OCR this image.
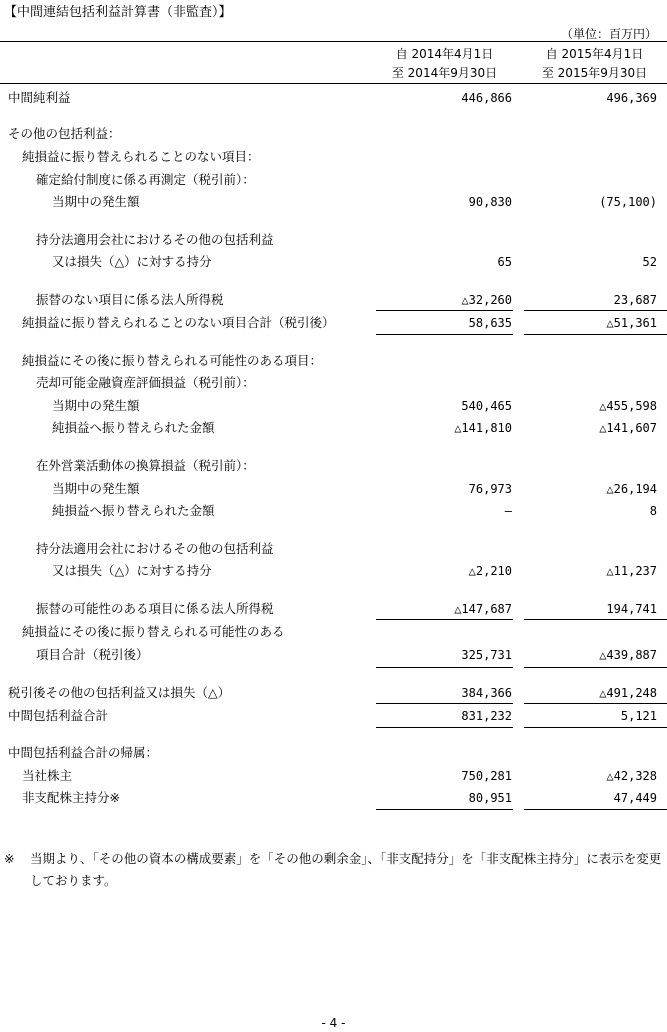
【中間連結包括利益計算書（非監査）】
（単位：百万円）
自 2014年4月1日
至 2014年9月30日
自 2015年4月1日
至 2015年9月30日
中間純利益	446,866	496,369
その他の包括利益：
純損益に振り替えられることのない項目：
確定給付制度に係る再測定（税引前）：
当期中の発生額	90,830	(75,100)
持分法適用会社におけるその他の包括利益
又は損失（△）に対する持分	65	52
振替のない項目に係る法人所得税	△32,260	23,687
純損益に振り替えられることのない項目合計（税引後）	58,635	△51,361
純損益にその後に振り替えられる可能性のある項目：
売却可能金融資産評価損益（税引前）：
当期中の発生額	540,465	△455,598
純損益へ振り替えられた金額	△141,810	△141,607
在外営業活動体の換算損益（税引前）：
当期中の発生額	76,973	△26,194
純損益へ振り替えられた金額	―	8
持分法適用会社におけるその他の包括利益
又は損失（△）に対する持分	△2,210	△11,237
振替の可能性のある項目に係る法人所得税	△147,687	194,741
純損益にその後に振り替えられる可能性のある
項目合計（税引後）	325,731	△439,887
税引後その他の包括利益又は損失（△）	384,366	△491,248
中間包括利益合計	831,232	5,121
中間包括利益合計の帰属：
当社株主	750,281	△42,328
非支配株主持分※	80,951	47,449
※ 当期より、「その他の資本の構成要素」を「その他の剰余金」、「非支配持分」を「非支配株主持分」に表示を変更しております。
- 4 -
